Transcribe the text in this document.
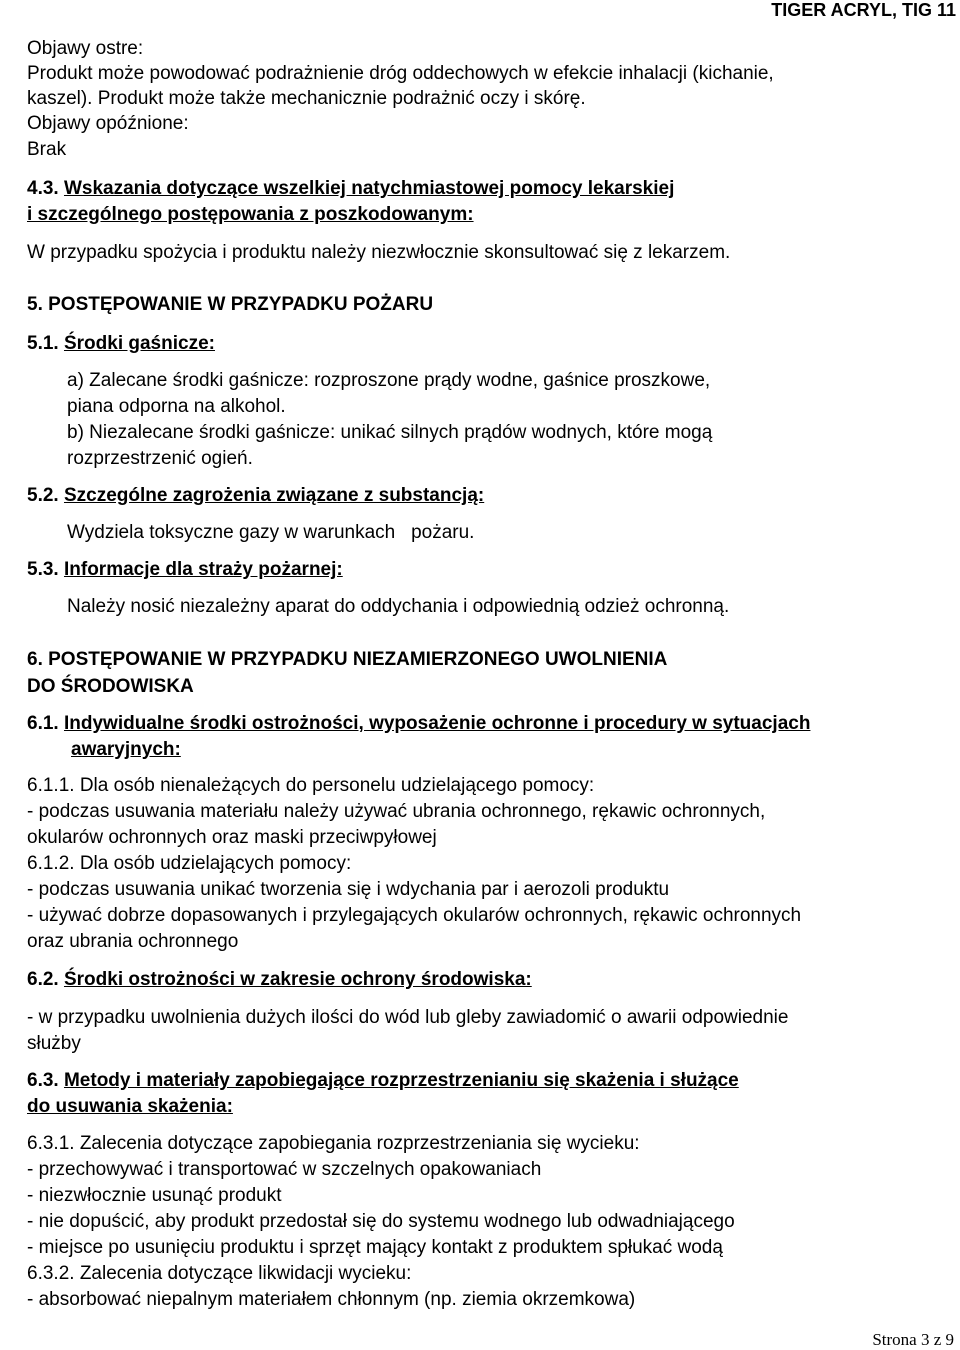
TIGER ACRYL, TIG 11
Objawy ostre:
Produkt może powodować podrażnienie dróg oddechowych w efekcie inhalacji (kichanie,
kaszel). Produkt może także mechanicznie podrażnić oczy i skórę.
Objawy opóźnione:
Brak
4.3. Wskazania dotyczące wszelkiej natychmiastowej pomocy lekarskiej
i szczególnego postępowania z poszkodowanym:
W przypadku spożycia i produktu należy niezwłocznie skonsultować się z lekarzem.
5. POSTĘPOWANIE W PRZYPADKU POŻARU
5.1. Środki gaśnicze:
a) Zalecane środki gaśnicze: rozproszone prądy wodne, gaśnice proszkowe,
piana odporna na alkohol.
b) Niezalecane środki gaśnicze: unikać silnych prądów wodnych, które mogą
rozprzestrzenić ogień.
5.2. Szczególne zagrożenia związane z substancją:
Wydziela toksyczne gazy w warunkach   pożaru.
5.3. Informacje dla straży pożarnej:
Należy nosić niezależny aparat do oddychania i odpowiednią odzież ochronną.
6. POSTĘPOWANIE W PRZYPADKU NIEZAMIERZONEGO UWOLNIENIA
DO ŚRODOWISKA
6.1. Indywidualne środki ostrożności, wyposażenie ochronne i procedury w sytuacjach
awaryjnych:
6.1.1. Dla osób nienależących do personelu udzielającego pomocy:
- podczas usuwania materiału należy używać ubrania ochronnego, rękawic ochronnych,
okularów ochronnych oraz maski przeciwpyłowej
6.1.2. Dla osób udzielających pomocy:
- podczas usuwania unikać tworzenia się i wdychania par i aerozoli produktu
- używać dobrze dopasowanych i przylegających okularów ochronnych, rękawic ochronnych
oraz ubrania ochronnego
6.2. Środki ostrożności w zakresie ochrony środowiska:
- w przypadku uwolnienia dużych ilości do wód lub gleby zawiadomić o awarii odpowiednie
służby
6.3. Metody i materiały zapobiegające rozprzestrzenianiu się skażenia i służące
do usuwania skażenia:
6.3.1. Zalecenia dotyczące zapobiegania rozprzestrzeniania się wycieku:
- przechowywać i transportować w szczelnych opakowaniach
- niezwłocznie usunąć produkt
- nie dopuścić, aby produkt przedostał się do systemu wodnego lub odwadniającego
- miejsce po usunięciu produktu i sprzęt mający kontakt z produktem spłukać wodą
6.3.2. Zalecenia dotyczące likwidacji wycieku:
- absorbować niepalnym materiałem chłonnym (np. ziemia okrzemkowa)
Strona 3 z 9
